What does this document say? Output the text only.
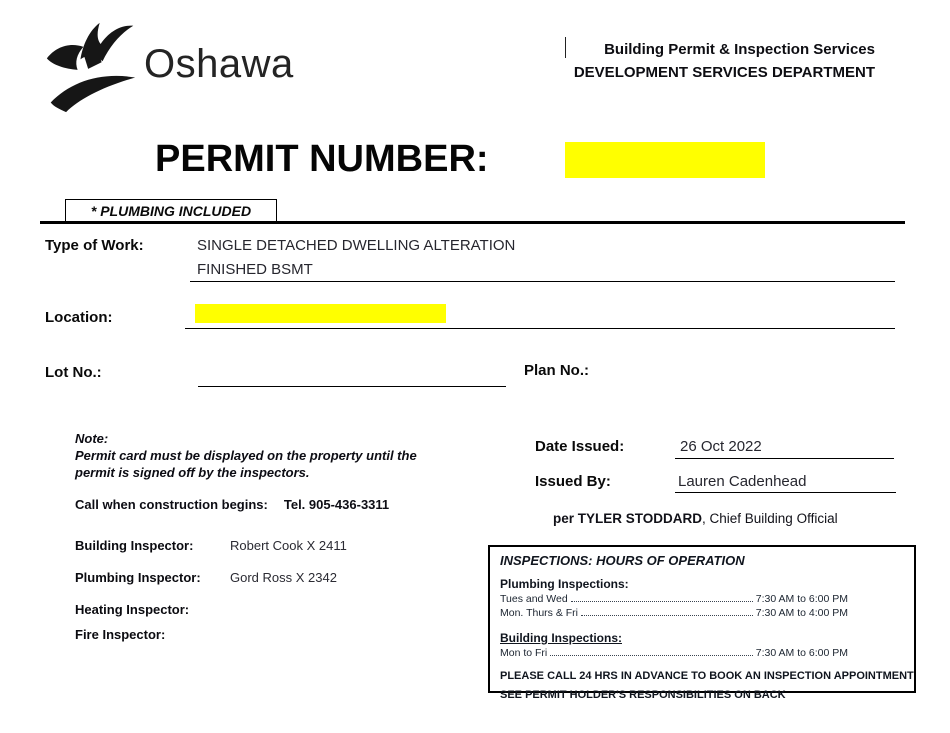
Oshawa	Building Permit & Inspection Services
DEVELOPMENT SERVICES DEPARTMENT
PERMIT NUMBER:
* PLUMBING INCLUDED
Type of Work:	SINGLE DETACHED DWELLING ALTERATION
FINISHED BSMT
Location:
Lot No.:	Plan No.:
Note:
Permit card must be displayed on the property until the
permit is signed off by the inspectors.
Call when construction begins: Tel. 905-436-3311
Building Inspector:	Robert Cook X 2411
Plumbing Inspector: Gord Ross X 2342
Heating Inspector:
Fire Inspector:
Date Issued:	26 Oct 2022
Issued By:	Lauren Cadenhead
per TYLER STODDARD, Chief Building Official
INSPECTIONS: HOURS OF OPERATION
Plumbing Inspections:
Tues and Wed	7:30 AM to 6:00 PM
Mon. Thurs & Fri	7:30 AM to 4:00 PM
Building Inspections:
Mon to Fri	7:30 AM to 6:00 PM
PLEASE CALL 24 HRS IN ADVANCE TO BOOK AN INSPECTION APPOINTMENT
SEE PERMIT HOLDER'S RESPONSIBILITIES ON BACK
